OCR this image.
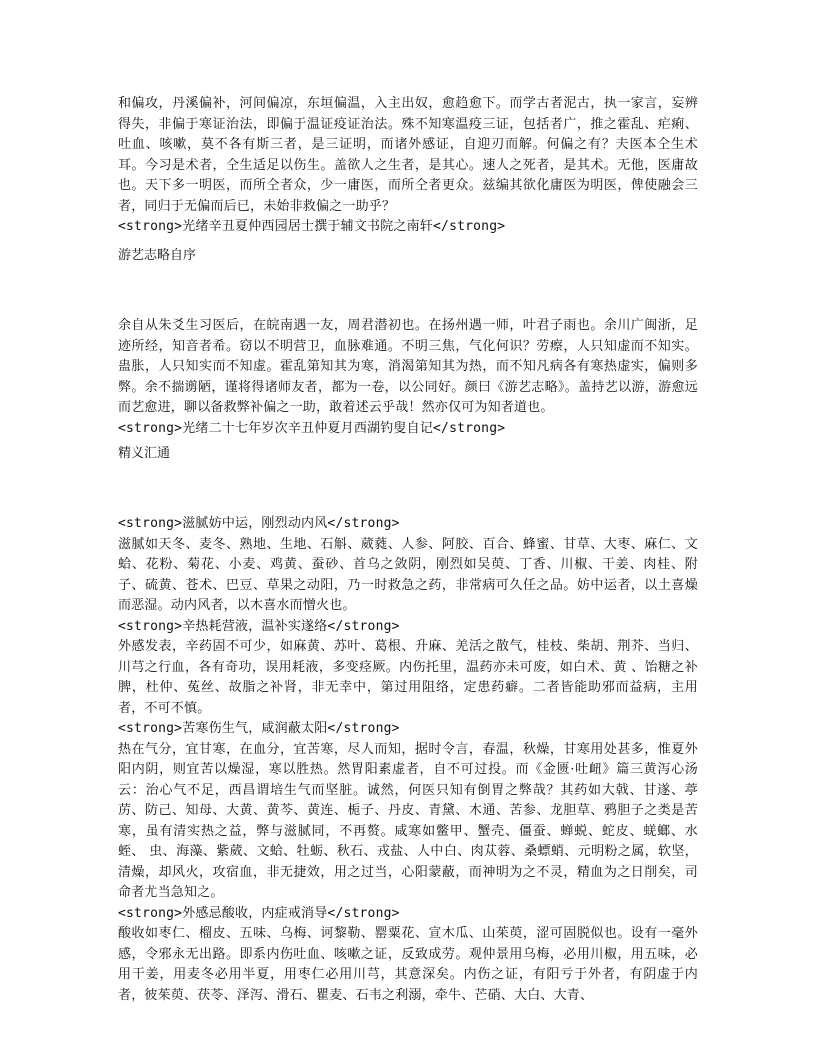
和偏攻，丹溪偏补，河间偏凉，东垣偏温，入主出奴，愈趋愈下。而学古者泥古，执一家言，妄辨得失，非偏于寒证治法，即偏于温证疫证治法。殊不知寒温疫三证，包括者广，推之霍乱、疟痢、吐血、咳嗽，莫不各有斯三者，是三证明，而诸外感证，自迎刃而解。何偏之有？夫医本仝生术耳。今习是术者，仝生适足以伤生。盖欲人之生者，是其心。速人之死者，是其术。无他，医庸故也。天下多一明医，而所仝者众，少一庸医，而所仝者更众。兹编其欲化庸医为明医，俾使融会三者，同归于无偏而后已，未始非救偏之一助乎？

<strong>光绪辛丑夏仲西园居士撰于辅文书院之南轩</strong>

游艺志略自序

余自从朱爻生习医后，在皖南遇一友，周君潜初也。在扬州遇一师，叶君子雨也。余川广闽浙，足迹所经，知音者希。窃以不明营卫，血脉难通。不明三焦，气化何识？劳瘵，人只知虚而不知实。蛊胀，人只知实而不知虚。霍乱第知其为寒，消渴第知其为热，而不知凡病各有寒热虚实，偏则多弊。余不揣谫陋，谨将得诸师友者，都为一卷，以公同好。颜曰《游艺志略》。盖持艺以游，游愈远而艺愈进，聊以备救弊补偏之一助，敢着述云乎哉！然亦仅可为知者道也。

<strong>光绪二十七年岁次辛丑仲夏月西湖钓叟自记</strong>

精义汇通

<strong>滋腻妨中运，刚烈动内风</strong>

滋腻如天冬、麦冬、熟地、生地、石斛、葳蕤、人参、阿胶、百合、蜂蜜、甘草、大枣、麻仁、文蛤、花粉、菊花、小麦、鸡黄、蚕砂、首乌之敛阴，刚烈如吴萸、丁香、川椒、干姜、肉桂、附子、硫黄、苍术、巴豆、草果之动阳，乃一时救急之药，非常病可久任之品。妨中运者，以土喜燥而恶湿。动内风者，以木喜水而憎火也。

<strong>辛热耗营液，温补实遂络</strong>

外感发表，辛药固不可少，如麻黄、苏叶、葛根、升麻、羌活之散气，桂枝、柴胡、荆芥、当归、川芎之行血，各有奇功，误用耗液，多变痉厥。内伤托里，温药亦未可废，如白术、黄 、饴糖之补脾，杜仲、菟丝、故脂之补肾，非无幸中，第过用阻络，定患药癖。二者皆能助邪而益病，主用者，不可不慎。

<strong>苦寒伤生气，咸润蔽太阳</strong>

热在气分，宜甘寒，在血分，宜苦寒，尽人而知，据时令言，春温，秋燥，甘寒用处甚多，惟夏外阳内阴，则宜苦以燥湿，寒以胜热。然胃阳素虚者，自不可过投。而《金匮·吐衄》篇三黄泻心汤云：治心气不足，西昌谓培生气而坚脏。诚然，何医只知有倒胃之弊哉？其药如大戟、甘遂、葶苈、防己、知母、大黄、黄芩、黄连、栀子、丹皮、青黛、木通、苦参、龙胆草、鸦胆子之类是苦寒，虽有清实热之益，弊与滋腻同，不再赘。咸寒如鳖甲、蟹壳、僵蚕、蝉蜕、蛇皮、蜣螂、水蛭、 虫、海藻、紫葳、文蛤、牡蛎、秋石、戎盐、人中白、肉苁蓉、桑螵蛸、元明粉之属，软坚，清燥，却风火，攻宿血，非无捷效，用之过当，心阳蒙蔽，而神明为之不灵，精血为之日削矣，司命者尤当急知之。

<strong>外感忌酸收，内症戒消导</strong>

酸收如枣仁、榴皮、五味、乌梅、诃黎勒、罂粟花、宣木瓜、山茱萸，涩可固脱似也。设有一毫外感，令邪永无出路。即系内伤吐血、咳嗽之证，反致成劳。观仲景用乌梅，必用川椒，用五味，必用干姜，用麦冬必用半夏，用枣仁必用川芎，其意深矣。内伤之证，有阳亏于外者，有阴虚于内者，彼茱萸、茯苓、泽泻、滑石、瞿麦、石韦之利溺，牵牛、芒硝、大白、大青、
